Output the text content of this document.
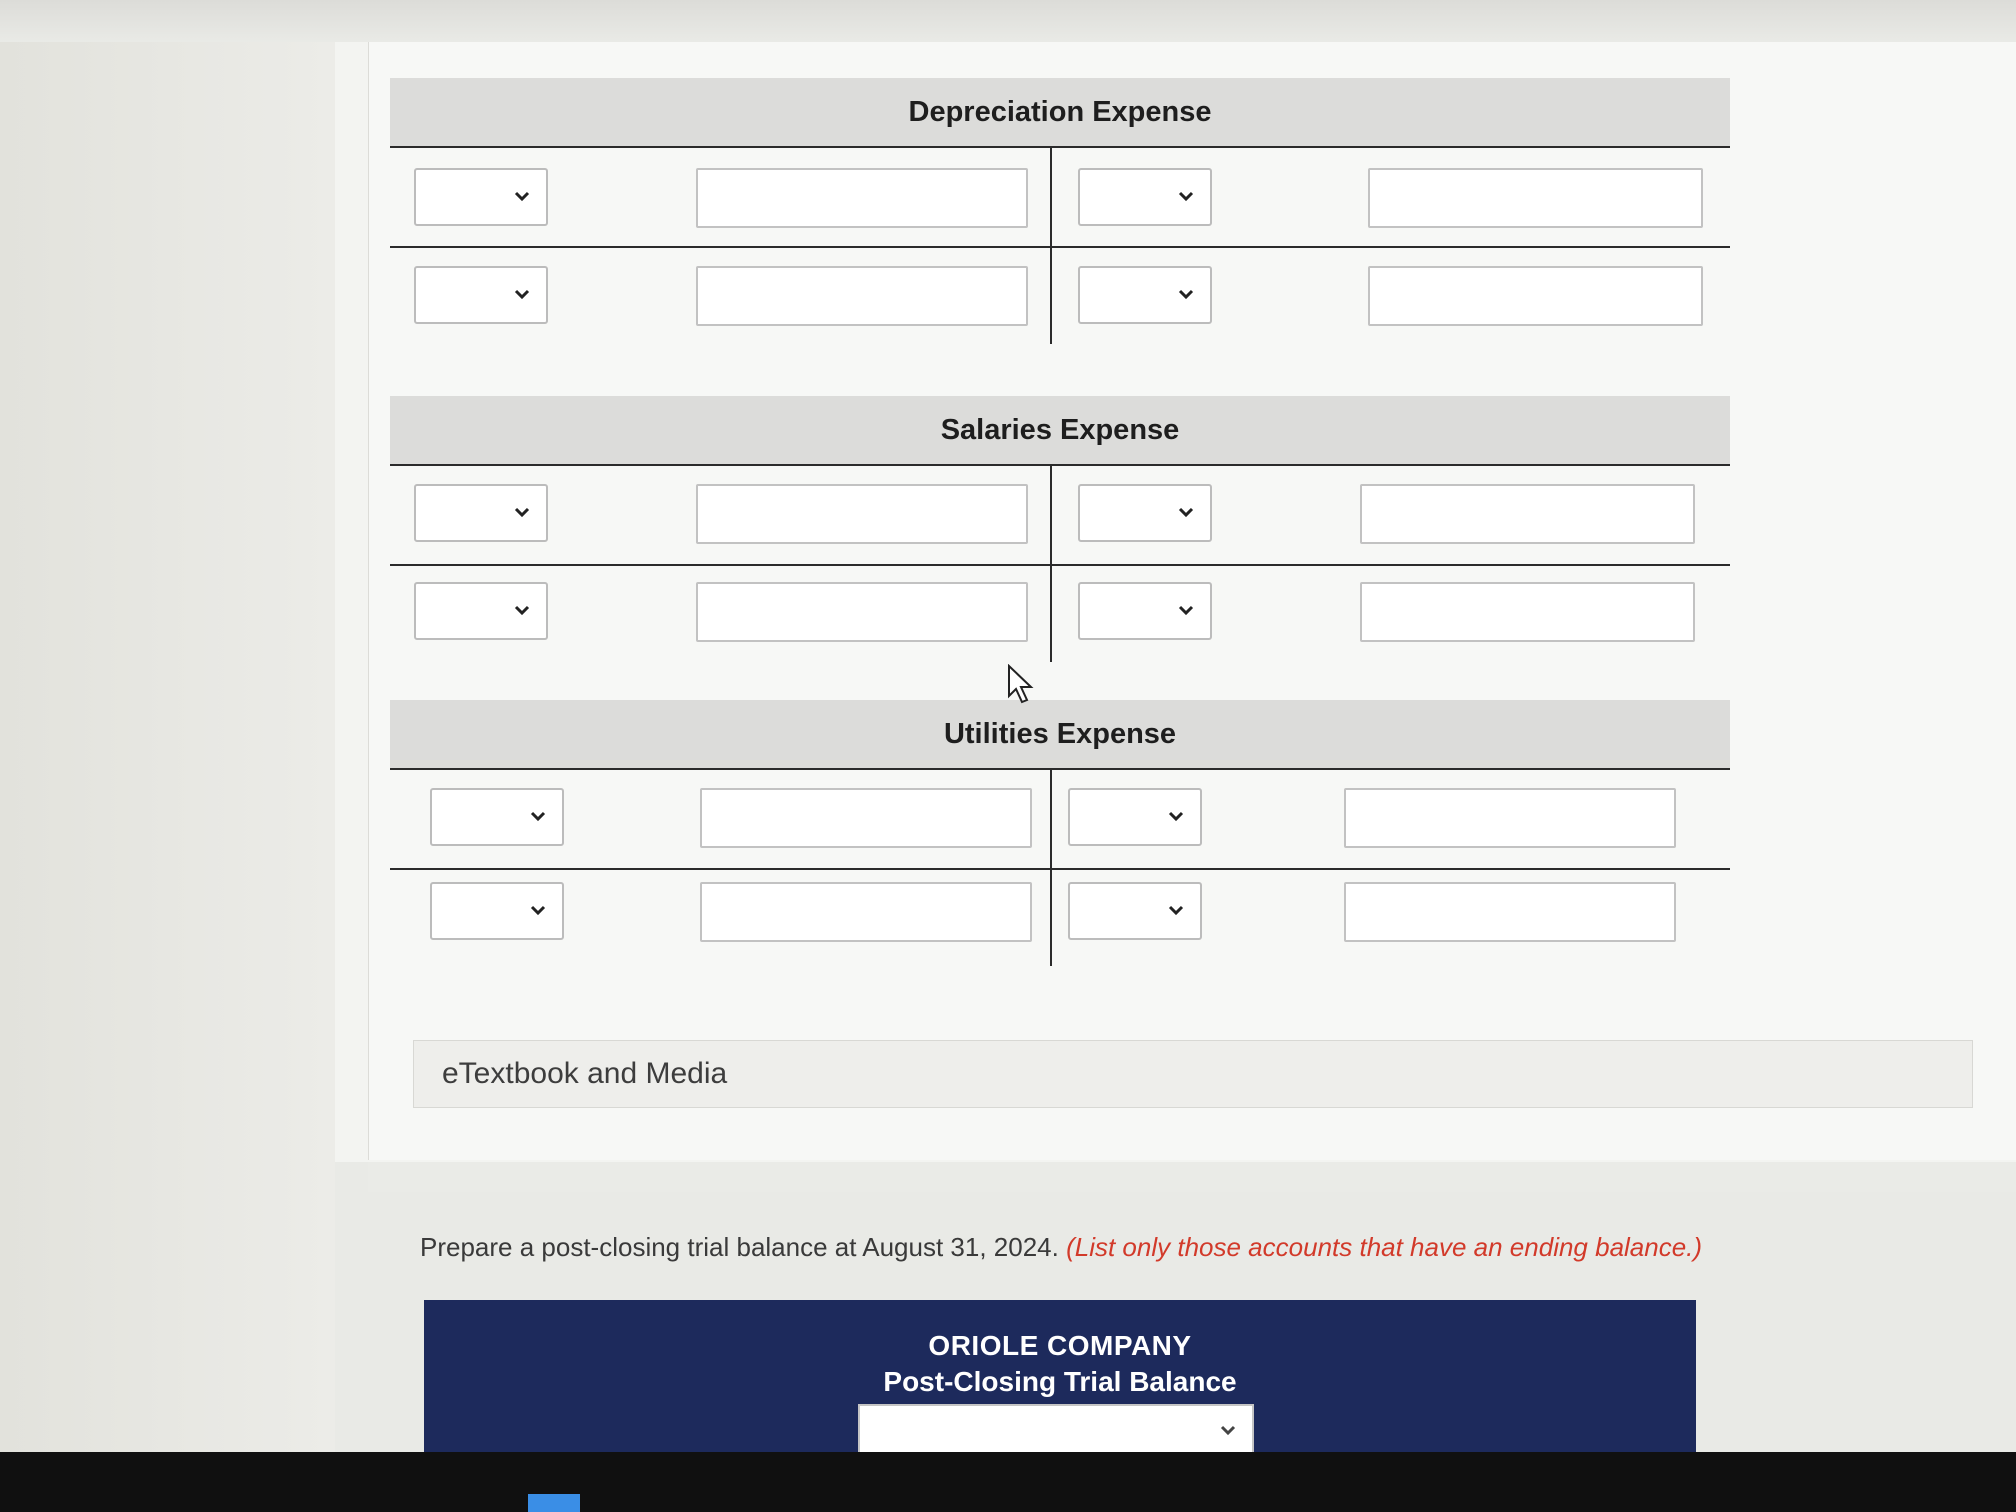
Depreciation Expense
Salaries Expense
Utilities Expense
eTextbook and Media
Prepare a post-closing trial balance at August 31, 2024. (List only those accounts that have an ending balance.)
ORIOLE COMPANY
Post-Closing Trial Balance
